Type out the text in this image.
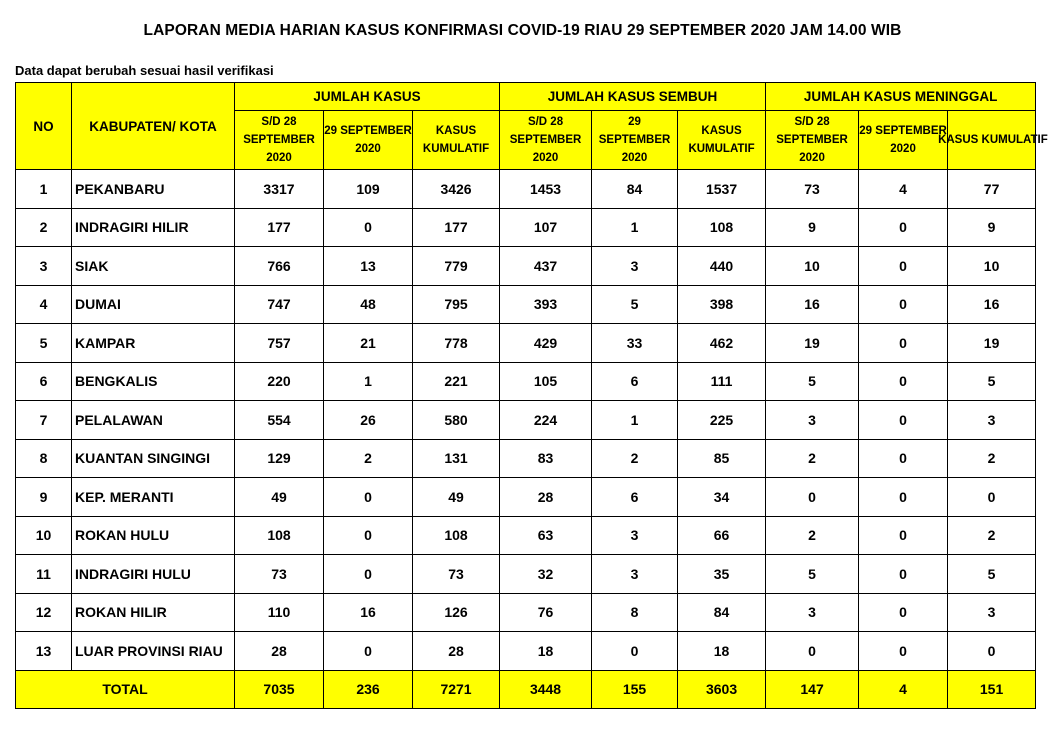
LAPORAN MEDIA HARIAN KASUS KONFIRMASI COVID-19 RIAU 29 SEPTEMBER 2020 JAM 14.00 WIB
Data dapat berubah sesuai hasil verifikasi
NO	KABUPATEN/ KOTA	JUMLAH KASUS			JUMLAH KASUS SEMBUH			JUMLAH KASUS MENINGGAL		
		S/D 28 SEPTEMBER 2020	29 SEPTEMBER 2020	KASUS KUMULATIF	S/D 28 SEPTEMBER 2020	29 SEPTEMBER 2020	KASUS KUMULATIF	S/D 28 SEPTEMBER 2020	29 SEPTEMBER 2020	KASUS KUMULATIF
1	PEKANBARU	3317	109	3426	1453	84	1537	73	4	77
2	INDRAGIRI HILIR	177	0	177	107	1	108	9	0	9
3	SIAK	766	13	779	437	3	440	10	0	10
4	DUMAI	747	48	795	393	5	398	16	0	16
5	KAMPAR	757	21	778	429	33	462	19	0	19
6	BENGKALIS	220	1	221	105	6	111	5	0	5
7	PELALAWAN	554	26	580	224	1	225	3	0	3
8	KUANTAN SINGINGI	129	2	131	83	2	85	2	0	2
9	KEP. MERANTI	49	0	49	28	6	34	0	0	0
10	ROKAN HULU	108	0	108	63	3	66	2	0	2
11	INDRAGIRI HULU	73	0	73	32	3	35	5	0	5
12	ROKAN HILIR	110	16	126	76	8	84	3	0	3
13	LUAR PROVINSI RIAU	28	0	28	18	0	18	0	0	0
TOTAL		7035	236	7271	3448	155	3603	147	4	151
